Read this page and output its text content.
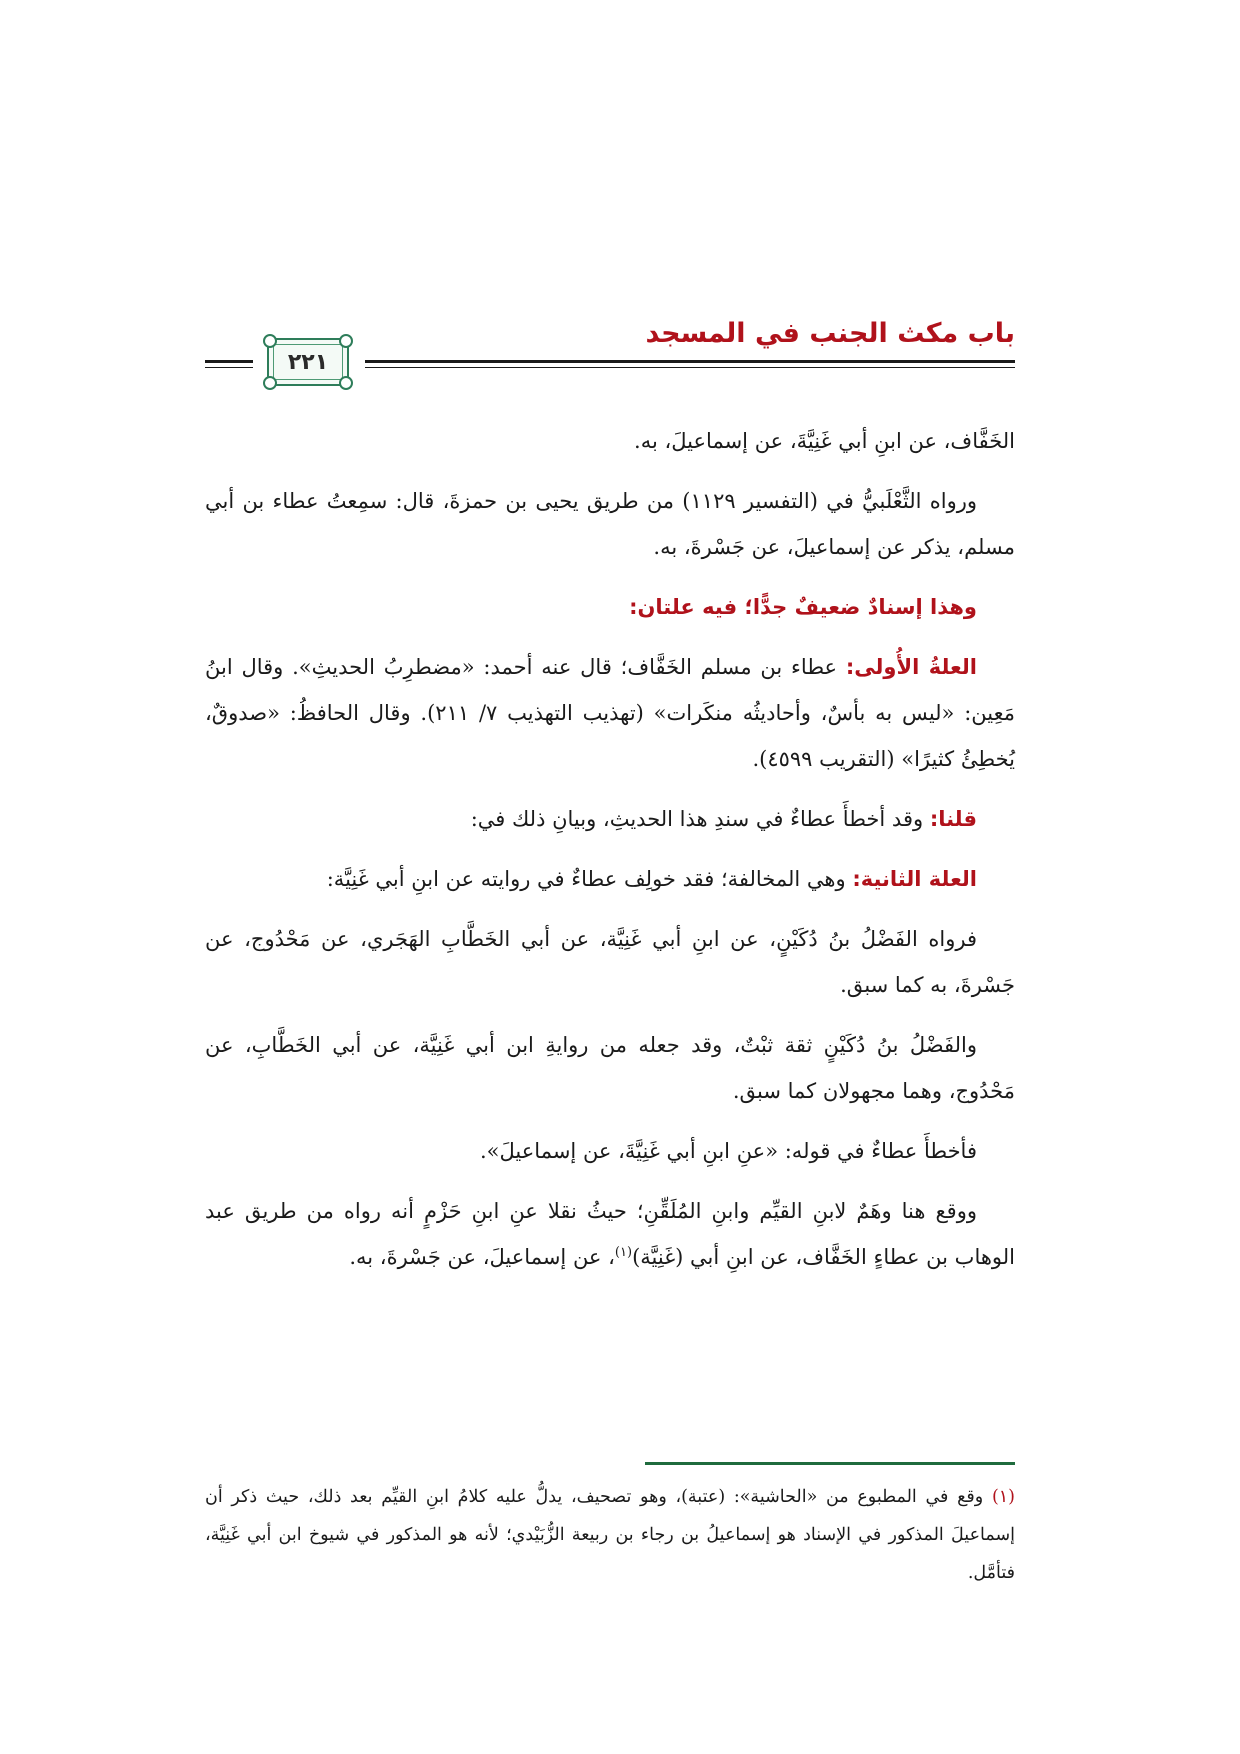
باب مكث الجنب في المسجد
٢٢١

الخَفَّاف، عن ابنِ أبي غَنِيَّةَ، عن إسماعيلَ، به.

ورواه الثَّعْلَبيُّ في (التفسير ١١٢٩) من طريق يحيى بن حمزةَ، قال: سمِعتُ عطاء بن أبي مسلم، يذكر عن إسماعيلَ، عن جَسْرةَ، به.

وهذا إسنادٌ ضعيفٌ جدًّا؛ فيه علتان:

العلةُ الأُولى: عطاء بن مسلم الخَفَّاف؛ قال عنه أحمد: «مضطرِبُ الحديثِ». وقال ابنُ مَعِين: «ليس به بأسٌ، وأحاديثُه منكَرات» (تهذيب التهذيب ٧/ ٢١١). وقال الحافظُ: «صدوقٌ، يُخطِئُ كثيرًا» (التقريب ٤٥٩٩).

قلنا: وقد أخطأَ عطاءٌ في سندِ هذا الحديثِ، وبيانِ ذلك في:

العلة الثانية: وهي المخالفة؛ فقد خولِف عطاءٌ في روايته عن ابنِ أبي غَنِيَّة:

فرواه الفَضْلُ بنُ دُكَيْنٍ، عن ابنِ أبي غَنِيَّة، عن أبي الخَطَّابِ الهَجَري، عن مَحْدُوج، عن جَسْرةَ، به كما سبق.

والفَضْلُ بنُ دُكَيْنٍ ثقة ثبْتٌ، وقد جعله من روايةِ ابن أبي غَنِيَّة، عن أبي الخَطَّابِ، عن مَحْدُوج، وهما مجهولان كما سبق.

فأخطأَ عطاءٌ في قوله: «عنِ ابنِ أبي غَنِيَّةَ، عن إسماعيلَ».

ووقع هنا وهَمٌ لابنِ القيِّم وابنِ المُلَقِّنِ؛ حيثُ نقلا عنِ ابنِ حَزْمٍ أنه رواه من طريق عبد الوهاب بن عطاءٍ الخَفَّاف، عن ابنِ أبي (غَنِيَّة)$^{(١)}$، عن إسماعيلَ، عن جَسْرةَ، به.

(١) وقع في المطبوع من «الحاشية»: (عتبة)، وهو تصحيف، يدلُّ عليه كلامُ ابنِ القيِّم بعد ذلك، حيث ذكر أن إسماعيلَ المذكور في الإسناد هو إسماعيلُ بن رجاء بن ربيعة الزُّبَيْدي؛ لأنه هو المذكور في شيوخ ابن أبي غَنِيَّة، فتأمَّل.
